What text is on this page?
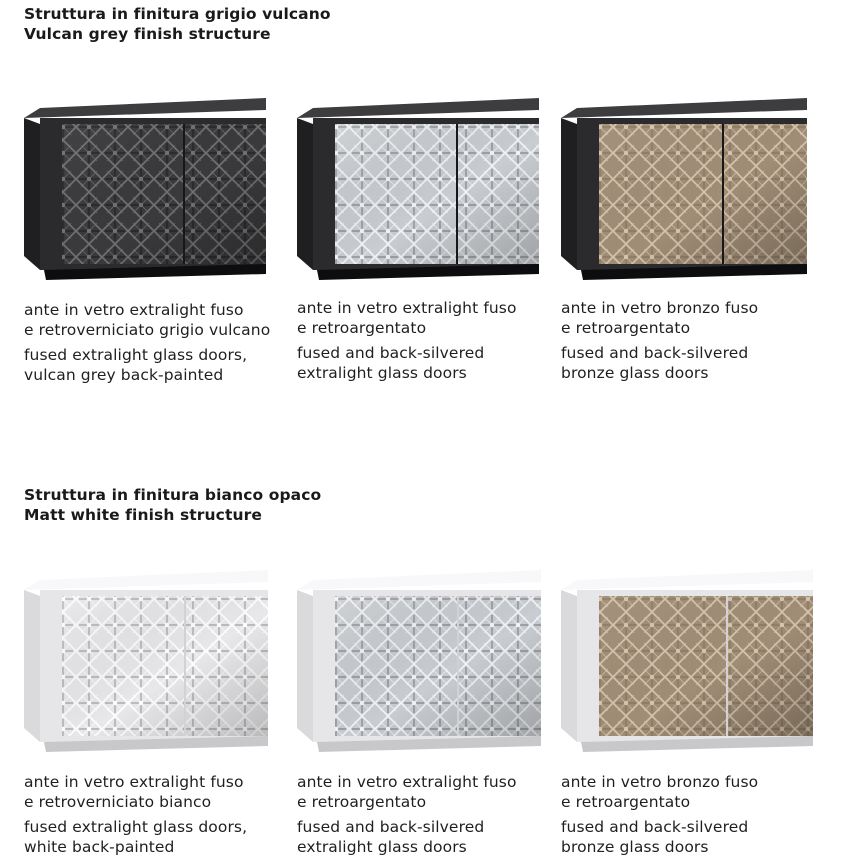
Struttura in finitura grigio vulcano
Vulcan grey finish structure
ante in vetro extralight fuso
e retroverniciato grigio vulcano
fused extralight glass doors,
vulcan grey back-painted
ante in vetro extralight fuso
e retroargentato
fused and back-silvered
extralight glass doors
ante in vetro bronzo fuso
e retroargentato
fused and back-silvered
bronze glass doors
Struttura in finitura bianco opaco
Matt white finish structure
ante in vetro extralight fuso
e retroverniciato bianco
fused extralight glass doors,
white back-painted
ante in vetro extralight fuso
e retroargentato
fused and back-silvered
extralight glass doors
ante in vetro bronzo fuso
e retroargentato
fused and back-silvered
bronze glass doors
